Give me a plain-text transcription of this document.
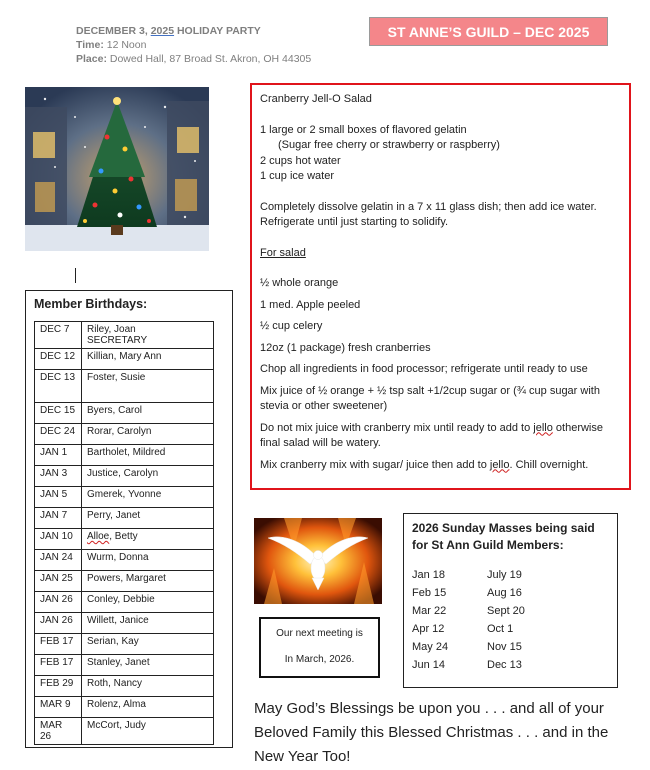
DECEMBER 3, 2025 HOLIDAY PARTY
Time: 12 Noon
Place: Dowed Hall, 87 Broad St. Akron, OH 44305
ST ANNE’S GUILD – DEC 2025
Member Birthdays:
DEC 7	Riley, Joan
SECRETARY

DEC 12	Killian, Mary Ann
DEC 13	Foster, Susie
DEC 15	Byers, Carol
DEC 24	Rorar, Carolyn
JAN 1	Bartholet, Mildred
JAN 3	Justice, Carolyn
JAN 5	Gmerek, Yvonne
JAN 7	Perry, Janet
JAN 10	Alloe, Betty
JAN 24	Wurm, Donna
JAN 25	Powers, Margaret
JAN 26	Conley, Debbie
JAN 26	Willett, Janice
FEB 17	Serian, Kay
FEB 17	Stanley, Janet
FEB 29	Roth, Nancy
MAR 9	Rolenz, Alma
MAR 26	McCort, Judy

Cranberry Jell-O Salad

1 large or 2 small boxes of flavored gelatin

(Sugar free cherry or strawberry or raspberry)

2 cups hot water

1 cup ice water

Completely dissolve gelatin in a 7 x 11 glass dish; then add ice water. Refrigerate until just starting to solidify.

For salad

½ whole orange

1 med. Apple peeled

½ cup celery

12oz (1 package) fresh cranberries

Chop all ingredients in food processor; refrigerate until ready to use

Mix juice of ½ orange + ½ tsp salt +1/2cup sugar or (¾ cup sugar with stevia or other sweetener)

Do not mix juice with cranberry mix until ready to add to jello otherwise final salad will be watery.

Mix cranberry mix with sugar/ juice then add to jello. Chill overnight.

Our next meeting is
In March, 2026.
2026 Sunday Masses being said for St Ann Guild Members:
Jan 18	July 19
Feb 15	Aug 16
Mar 22	Sept 20
Apr 12	Oct 1
May 24	Nov 15
Jun 14	Dec 13
May God’s Blessings be upon you . . . and all of your Beloved Family this Blessed Christmas . . . and in the New Year Too!
